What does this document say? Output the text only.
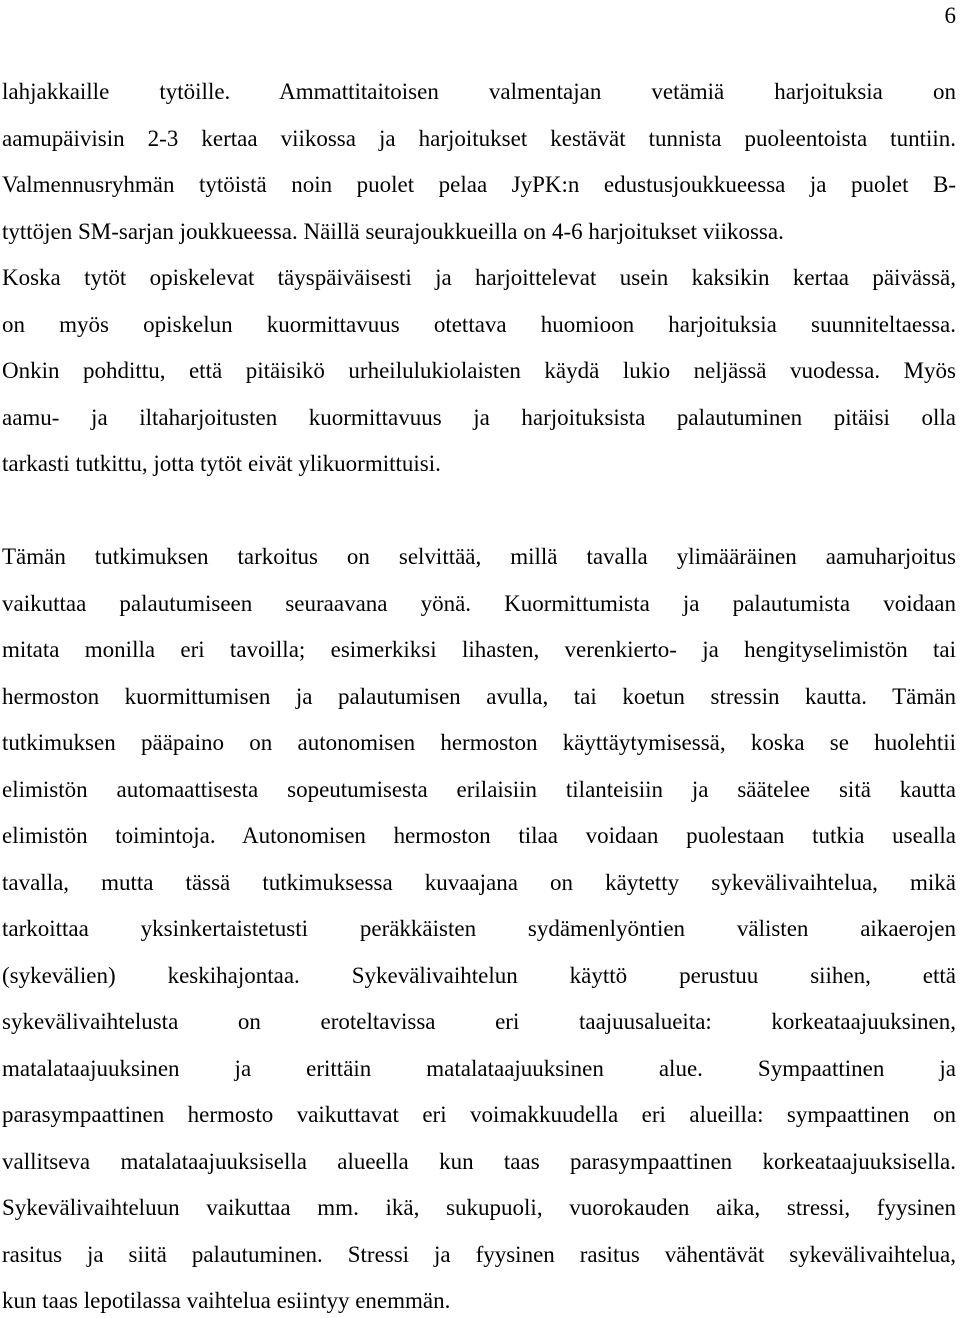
6
lahjakkaille tytöille. Ammattitaitoisen valmentajan vetämiä harjoituksia on
aamupäivisin 2-3 kertaa viikossa ja harjoitukset kestävät tunnista puoleentoista tuntiin.
Valmennusryhmän tytöistä noin puolet pelaa JyPK:n edustusjoukkueessa ja puolet B-
tyttöjen SM-sarjan joukkueessa. Näillä seurajoukkueilla on 4-6 harjoitukset viikossa.
Koska tytöt opiskelevat täyspäiväisesti ja harjoittelevat usein kaksikin kertaa päivässä,
on myös opiskelun kuormittavuus otettava huomioon harjoituksia suunniteltaessa.
Onkin pohdittu, että pitäisikö urheilulukiolaisten käydä lukio neljässä vuodessa. Myös
aamu- ja iltaharjoitusten kuormittavuus ja harjoituksista palautuminen pitäisi olla
tarkasti tutkittu, jotta tytöt eivät ylikuormittuisi.
Tämän tutkimuksen tarkoitus on selvittää, millä tavalla ylimääräinen aamuharjoitus
vaikuttaa palautumiseen seuraavana yönä. Kuormittumista ja palautumista voidaan
mitata monilla eri tavoilla; esimerkiksi lihasten, verenkierto- ja hengityselimistön tai
hermoston kuormittumisen ja palautumisen avulla, tai koetun stressin kautta. Tämän
tutkimuksen pääpaino on autonomisen hermoston käyttäytymisessä, koska se huolehtii
elimistön automaattisesta sopeutumisesta erilaisiin tilanteisiin ja säätelee sitä kautta
elimistön toimintoja. Autonomisen hermoston tilaa voidaan puolestaan tutkia usealla
tavalla, mutta tässä tutkimuksessa kuvaajana on käytetty sykevälivaihtelua, mikä
tarkoittaa yksinkertaistetusti peräkkäisten sydämenlyöntien välisten aikaerojen
(sykevälien) keskihajontaa. Sykevälivaihtelun käyttö perustuu siihen, että
sykevälivaihtelusta on eroteltavissa eri taajuusalueita: korkeataajuuksinen,
matalataajuuksinen ja erittäin matalataajuuksinen alue. Sympaattinen ja
parasympaattinen hermosto vaikuttavat eri voimakkuudella eri alueilla: sympaattinen on
vallitseva matalataajuuksisella alueella kun taas parasympaattinen korkeataajuuksisella.
Sykevälivaihteluun vaikuttaa mm. ikä, sukupuoli, vuorokauden aika, stressi, fyysinen
rasitus ja siitä palautuminen. Stressi ja fyysinen rasitus vähentävät sykevälivaihtelua,
kun taas lepotilassa vaihtelua esiintyy enemmän.
